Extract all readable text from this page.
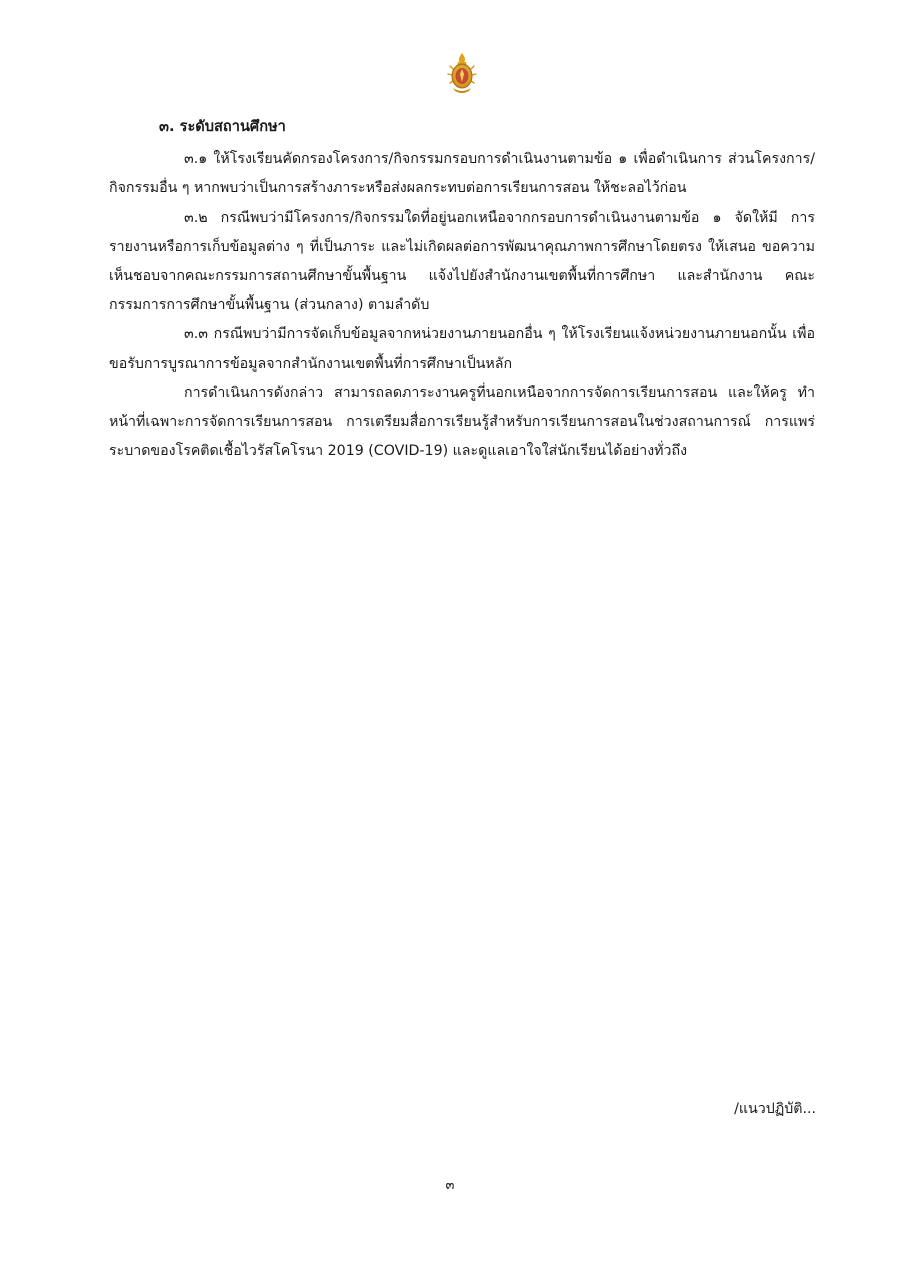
๓. ระดับสถานศึกษา

๓.๑ ให้โรงเรียนคัดกรองโครงการ/กิจกรรมกรอบการดำเนินงานตามข้อ ๑ เพื่อดำเนินการ ส่วนโครงการ/กิจกรรมอื่น ๆ หากพบว่าเป็นการสร้างภาระหรือส่งผลกระทบต่อการเรียนการสอน ให้ชะลอไว้ก่อน

๓.๒ กรณีพบว่ามีโครงการ/กิจกรรมใดที่อยู่นอกเหนือจากกรอบการดำเนินงานตามข้อ ๑ จัดให้มี การรายงานหรือการเก็บข้อมูลต่าง ๆ ที่เป็นภาระ และไม่เกิดผลต่อการพัฒนาคุณภาพการศึกษาโดยตรง ให้เสนอ ขอความเห็นชอบจากคณะกรรมการสถานศึกษาขั้นพื้นฐาน แจ้งไปยังสำนักงานเขตพื้นที่การศึกษา และสำนักงาน คณะกรรมการการศึกษาขั้นพื้นฐาน (ส่วนกลาง) ตามลำดับ

๓.๓ กรณีพบว่ามีการจัดเก็บข้อมูลจากหน่วยงานภายนอกอื่น ๆ ให้โรงเรียนแจ้งหน่วยงานภายนอกนั้น เพื่อขอรับการบูรณาการข้อมูลจากสำนักงานเขตพื้นที่การศึกษาเป็นหลัก

การดำเนินการดังกล่าว สามารถลดภาระงานครูที่นอกเหนือจากการจัดการเรียนการสอน และให้ครู ทำหน้าที่เฉพาะการจัดการเรียนการสอน การเตรียมสื่อการเรียนรู้สำหรับการเรียนการสอนในช่วงสถานการณ์ การแพร่ระบาดของโรคติดเชื้อไวรัสโคโรนา 2019 (COVID-19) และดูแลเอาใจใส่นักเรียนได้อย่างทั่วถึง

/แนวปฏิบัติ...
๓
